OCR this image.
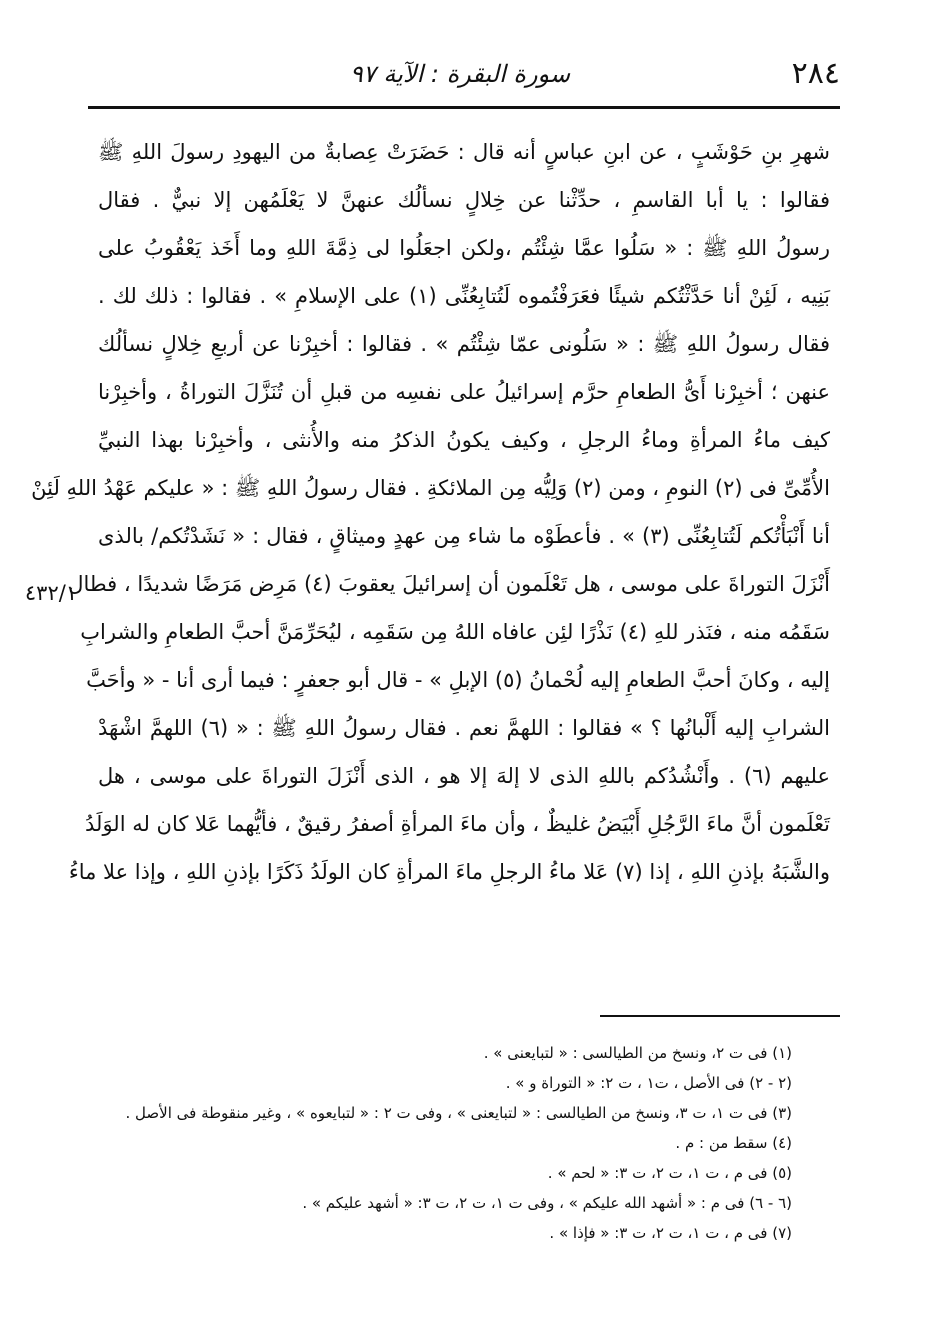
٢٨٤
سورة البقرة : الآية ٩٧
٤٣٢/١
شهرِ بنِ حَوْشَبٍ ، عن ابنِ عباسٍ أنه قال : حَضَرَتْ عِصابةٌ من اليهودِ رسولَ اللهِ ﷺ
فقالوا : يا أبا القاسمِ ، حدِّثْنا عن خِلالٍ نسألُك عنهنَّ لا يَعْلَمُهن إلا نبيٌّ . فقال
رسولُ اللهِ ﷺ : « سَلُوا عمَّا شِئْتُم ،ولكن اجعَلُوا لى ذِمَّةَ اللهِ وما أَخَذ يَعْقُوبُ على
بَنِيه ، لَئِنْ أنا حَدَّثْتُكم شيئًا فعَرَفْتُموه لَتُتابِعُنِّى (١) على الإسلامِ » . فقالوا : ذلك لك .
فقال رسولُ اللهِ ﷺ : « سَلُونى عمّا شِئْتُم » . فقالوا : أخبِرْنا عن أربعِ خِلالٍ نسألُك
عنهن ؛ أخبِرْنا أَىُّ الطعامِ حرَّم إسرائيلُ على نفسِه من قبلِ أن تُنَزَّلَ التوراةُ ، وأخبِرْنا
كيف ماءُ المرأةِ وماءُ الرجلِ ، وكيف يكونُ الذكرُ منه والأُنثى ، وأخبِرْنا بهذا النبيِّ
الأُمِّىِّ فى (٢) النومِ ، ومن (٢) وَلِيُّه مِن الملائكةِ . فقال رسولُ اللهِ ﷺ : « عليكم عَهْدُ اللهِ لَئِنْ
أنا أَنْبَأْتُكم لَتُتابِعُنِّى (٣) » . فأعطَوْه ما شاء مِن عهدٍ وميثاقٍ ، فقال : « نَشَدْتُكم/ بالذى
أَنْزَلَ التوراةَ على موسى ، هل تَعْلَمون أن إسرائيلَ يعقوبَ (٤) مَرِض مَرَضًا شديدًا ، فطال
سَقَمُه منه ، فنَذر للهِ (٤) نَذْرًا لئِن عافاه اللهُ مِن سَقَمِه ، ليُحَرِّمَنَّ أحبَّ الطعامِ والشرابِ
إليه ، وكانَ أحبَّ الطعامِ إليه لُحْمانُ (٥) الإبلِ » - قال أبو جعفرٍ : فيما أرى أنا - « وأحَبَّ
الشرابِ إليه أَلْبانُها ؟ » فقالوا : اللهمَّ نعم . فقال رسولُ اللهِ ﷺ : « (٦) اللهمَّ اشْهَدْ
عليهم (٦) . وأَنْشُدُكم باللهِ الذى لا إلهَ إلا هو ، الذى أَنْزَلَ التوراةَ على موسى ، هل
تَعْلَمون أنَّ ماءَ الرَّجُلِ أَبْيَضُ غليظٌ ، وأن ماءَ المرأةِ أصفرُ رقيقٌ ، فأيُّهما عَلا كان له الوَلَدُ
والشَّبَهُ بإذنِ اللهِ ، إذا (٧) عَلا ماءُ الرجلِ ماءَ المرأةِ كان الولَدُ ذَكَرًا بإذنِ اللهِ ، وإذا علا ماءُ
(١) فى ت ٢، ونسخ من الطيالسى : « لتبايعنى » .
(٢ - ٢) فى الأصل ، ت١ ، ت ٢: « التوراة و » .
(٣) فى ت ١، ت ٣، ونسخ من الطيالسى : « لتبايعنى » ، وفى ت ٢ : « لتبايعوه » ، وغير منقوطة فى الأصل .
(٤) سقط من : م .
(٥) فى م ، ت ١، ت ٢، ت ٣: « لحم » .
(٦ - ٦) فى م : « أشهد الله عليكم » ، وفى ت ١، ت ٢، ت ٣: « أشهد عليكم » .
(٧) فى م ، ت ١، ت ٢، ت ٣: « فإذا » .
